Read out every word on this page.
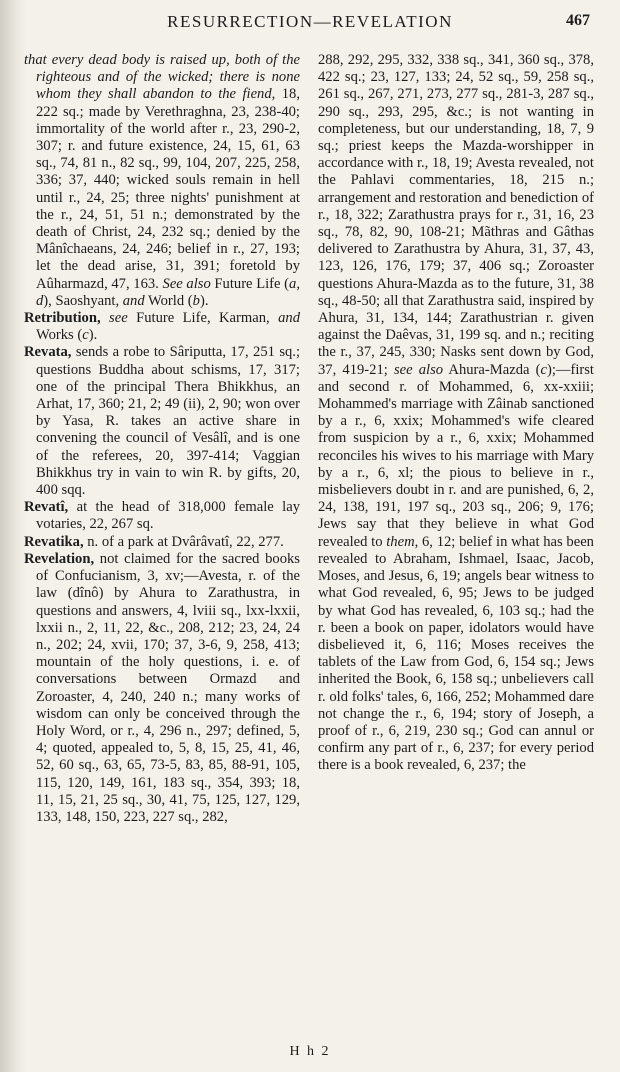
RESURRECTION—REVELATION	467

that every dead body is raised up, both of the righteous and of the wicked; there is none whom they shall abandon to the fiend, 18, 222 sq.; made by Verethraghna, 23, 238-40; immortality of the world after r., 23, 290-2, 307; r. and future existence, 24, 15, 61, 63 sq., 74, 81 n., 82 sq., 99, 104, 207, 225, 258, 336; 37, 440; wicked souls remain in hell until r., 24, 25; three nights' punishment at the r., 24, 51, 51 n.; demonstrated by the death of Christ, 24, 232 sq.; denied by the Mânîchaeans, 24, 246; belief in r., 27, 193; let the dead arise, 31, 391; foretold by Aûharmazd, 47, 163. See also Future Life (a, d), Saoshyant, and World (b).

Retribution, see Future Life, Karman, and Works (c).

Revata, sends a robe to Sâriputta, 17, 251 sq.; questions Buddha about schisms, 17, 317; one of the principal Thera Bhikkhus, an Arhat, 17, 360; 21, 2; 49 (ii), 2, 90; won over by Yasa, R. takes an active share in convening the council of Vesâlî, and is one of the referees, 20, 397-414; Vaggian Bhikkhus try in vain to win R. by gifts, 20, 400 sqq.

Revatî, at the head of 318,000 female lay votaries, 22, 267 sq.

Revatika, n. of a park at Dvârâvatî, 22, 277.

Revelation, not claimed for the sacred books of Confucianism, 3, xv;—Avesta, r. of the law (dînô) by Ahura to Zarathustra, in questions and answers, 4, lviii sq., lxx-lxxii, lxxii n., 2, 11, 22, &c., 208, 212; 23, 24, 24 n., 202; 24, xvii, 170; 37, 3-6, 9, 258, 413; mountain of the holy questions, i. e. of conversations between Ormazd and Zoroaster, 4, 240, 240 n.; many works of wisdom can only be conceived through the Holy Word, or r., 4, 296 n., 297; defined, 5, 4; quoted, appealed to, 5, 8, 15, 25, 41, 46, 52, 60 sq., 63, 65, 73-5, 83, 85, 88-91, 105, 115, 120, 149, 161, 183 sq., 354, 393; 18, 11, 15, 21, 25 sq., 30, 41, 75, 125, 127, 129, 133, 148, 150, 223, 227 sq., 282,

288, 292, 295, 332, 338 sq., 341, 360 sq., 378, 422 sq.; 23, 127, 133; 24, 52 sq., 59, 258 sq., 261 sq., 267, 271, 273, 277 sq., 281-3, 287 sq., 290 sq., 293, 295, &c.; is not wanting in completeness, but our understanding, 18, 7, 9 sq.; priest keeps the Mazda-worshipper in accordance with r., 18, 19; Avesta revealed, not the Pahlavi commentaries, 18, 215 n.; arrangement and restoration and benediction of r., 18, 322; Zarathustra prays for r., 31, 16, 23 sq., 78, 82, 90, 108-21; Mãthras and Gâthas delivered to Zarathustra by Ahura, 31, 37, 43, 123, 126, 176, 179; 37, 406 sq.; Zoroaster questions Ahura-Mazda as to the future, 31, 38 sq., 48-50; all that Zarathustra said, inspired by Ahura, 31, 134, 144; Zarathustrian r. given against the Daêvas, 31, 199 sq. and n.; reciting the r., 37, 245, 330; Nasks sent down by God, 37, 419-21; see also Ahura-Mazda (c);—first and second r. of Mohammed, 6, xx-xxiii; Mohammed's marriage with Zâinab sanctioned by a r., 6, xxix; Mohammed's wife cleared from suspicion by a r., 6, xxix; Mohammed reconciles his wives to his marriage with Mary by a r., 6, xl; the pious to believe in r., misbelievers doubt in r. and are punished, 6, 2, 24, 138, 191, 197 sq., 203 sq., 206; 9, 176; Jews say that they believe in what God revealed to them, 6, 12; belief in what has been revealed to Abraham, Ishmael, Isaac, Jacob, Moses, and Jesus, 6, 19; angels bear witness to what God revealed, 6, 95; Jews to be judged by what God has revealed, 6, 103 sq.; had the r. been a book on paper, idolators would have disbelieved it, 6, 116; Moses receives the tablets of the Law from God, 6, 154 sq.; Jews inherited the Book, 6, 158 sq.; unbelievers call r. old folks' tales, 6, 166, 252; Mohammed dare not change the r., 6, 194; story of Joseph, a proof of r., 6, 219, 230 sq.; God can annul or confirm any part of r., 6, 237; for every period there is a book revealed, 6, 237; the

H h 2
